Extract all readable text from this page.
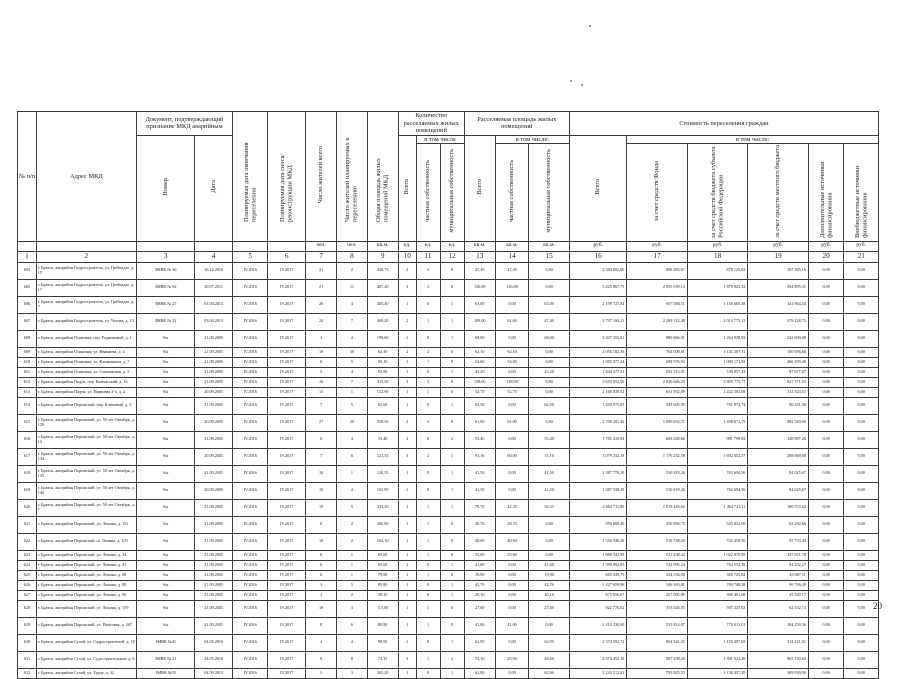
№ п/п	Адрес МКД	Документ, подтверждающий признание МКД аварийным		Планируемая дата окончания переселения	Планируемая дата сноса/реконструкции МКД	Число жителей всего	Число жителей планируемых к переселению	Общая площадь жилых помещений МКД	Количество расселяемых жилых помещений			Расселяемая площадь жилых помещений			Стоимость переселения граждан					
		Номер	Дата						Всего	в том числе		Всего	в том числе:		Всего	в том числе:				
										частная собственность	муниципальная собственность		частная собственность	муниципальная собственность		за счет средств Фонда	за счет средств бюджета субъекта Российской Федерации	за счет средств местного бюджета	Дополнительные источники финансирования	Внебюджетные источники финансирования
						чел.	чел.	кв.м.	ед.	ед.	ед.	кв.м.	кв.м.	кв.м.	руб.	руб.	руб.	руб.	руб.	руб.
1	2	3	4	5	6	7	8	9	10	11	12	13	14	15	16	17	18	19	20	21
604	г. Братск, жилрайон Гидростроитель, ул. Гребнадзе, д. 15	ЗМВК № 46	16.12.2010	IV.2016	IV.2017	21	2	430,73	2	2	0	47,40	47,40	0,00	2 584 802,00	806 283,67	878 125,83	107 385,16	0,00	0,00
605	г. Братск, жилрайон Гидростроитель, ул. Гребнадзе, д. 17	ЗМВК № 02	20.07.2011	IV.2016	IV.2017	21	11	407,20	3	3	0	136,00	136,00	0,00	5 225 867,75	2 955 039,13	1 879 923,32	394 895,31	0,00	0,00
606	г. Братск, жилрайон Гидростроитель, ул. Гребнадзе, д. 7	ЗМВК № 27	01.04.2013	IV.2016	IV.2017	26	4	485,40	1	0	1	63,00	0,00	63,00	2 109 727,04	607 086,11	1 156 665,38	141 964,34	0,00	0,00
607	г. Братск, жилрайон Гидростроитель, ул. Чехова, д. 13	ЗМВК № 32	03.04.2013	IV.2016	IV.2017	24	7	469,20	2	1	1	109,00	61,60	47,40	3 797 169,23	2 299 312,40	2 014 775,12	379 228,71	0,00	0,00
608	г. Братск, жилрайон Осиновка, пер. Родниковый, д. 1	б/н	21.09.2005	IV.2016	IV.2017	3	4	196,60	1	0	1	68,00	0,00	68,00	2 407 353,81	880 866,91	1 264 938,93	542 090,09	0,00	0,00
609	г. Братск, жилрайон Осиновка, ул. Иванкова, д. 4	б/н	21.09.2005	IV.2016	IV.2017	18	30	62,10	2	2	0	62,10	62,10	0,00	2 056 182,36	764 008,61	1 141 207,11	150 696,66	0,00	0,00
610	г. Братск, жилрайон Осиновка, ул. Клименкова, д. 7	б/н	21.09.2005	IV.2016	IV.2017	6	5	95,10	1	1	0	54,60	54,60	0,00	1 955 977,24	699 576,92	1 009 171,93	266 109,40	0,00	0,00
611	г. Братск, жилрайон Осиновка, ул. Смоленская, д. 5	б/н	21.09.2005	IV.2016	IV.2017	5	4	95,90	1	0	1	43,20	0,00	43,20	1 444 377,31	552 913,51	749 957,43	97 677,07	0,00	0,00
612	г. Братск, жилрайон Падун, пер. Камчатский, д. 16	б/н	21.09.2005	IV.2016	IV.2017	16	7	415,50	3	3	0	138,00	138,00	0,00	5 653 952,56	2 020 646,23	2 805 775,77	927 371,53	0,00	0,00
613	г. Братск, жилрайон Падун, ул. Парковая 2-я, д. 2	б/н	20.09.2005	IV.2016	IV.2017	13	1	152,90	1	1	0	52,70	52,70	0,00	2 166 839,02	631 952,09	1 222 363,08	312 524,51	0,00	0,00
614	г. Братск, жилрайон Порожский, пер. Кленовый, д. 3	б/н	21.09.2005	IV.2016	IV.2017	7	5	62,60	1	0	1	62,50	0,00	62,50	1 430 975,05	543 605,95	781 072,74	96 251,36	0,00	0,00
615	г. Братск, жилрайон Порожский, ул. 50 лет Октября, д. 129	б/н	20.09.2005	IV.2016	IV.2017	27	20	558,50	2	2	0	61,00	61,00	0,00	2 708 201,46	1 090 654,71	1 408 672,75	982 520,00	0,00	0,00
616	г. Братск, жилрайон Порожский, ул. 50 лет Октября, д. 13	б/н	21.09.2005	IV.2016	IV.2017	6	4	53,40	2	0	2	53,40	0,00	53,40	1 785 410,84	683 028,66	981 799,92	120 987,26	0,00	0,00
617	г. Братск, жилрайон Порожский, ул. 50 лет Октября, д. 134	б/н	20.09.2005	IV.2016	IV.2017	7	6	121,35	3	2	1	91,16	60,00	31,16	3 079 232,18	1 176 232,58	1 692 652,57	208 669,08	0,00	0,00
618	г. Братск, жилрайон Порожский, ул. 50 лет Октября, д. 135	б/н	21.09.2005	IV.2016	IV.2017	10	1	120,35	1	0	1	41,50	0,00	41,50	1 387 778,39	530 818,26	763 694,56	94 025,67	0,00	0,00
619	г. Братск, жилрайон Порожский, ул. 50 лет Октября, д. 140	б/н	20.09.2005	IV.2016	IV.2017	10	4	165,99	1	0	1	41,50	0,00	41,50	1 387 538,39	530 818,26	762 694,56	94 025,67	0,00	0,00
620	г. Братск, жилрайон Порожский, ул. 50 лет Октября, д. 7	б/н	21.09.2005	IV.2016	IV.2017	19	5	333,20	2	1	1	78,70	42,35	36,35	2 664 711,80	1 019 426,63	1 464 741,11	180 574,62	0,00	0,00
621	г. Братск, жилрайон Порожский, ул. Ленина, д. 101	б/н	21.09.2005	IV.2016	IV.2017	6	2	200,00	1	1	0	28,70	28,70	0,00	959 680,40	356 856,75	545 832,00	63 292,66	0,00	0,00
622	г. Братск, жилрайон Порожский, ul. Ленина, д. 103	б/н	21.09.2005	IV.2016	IV.2017	16	2	164,10	1	1	0	40,60	40,60	0,00	1 356 946,26	518 748,26	742 458,56	95 733,43	0,00	0,00
623	г. Братск, жилрайон Порожский, ул. Ленина, д. 34	б/н	21.09.2005	IV.2016	IV.2017	6	1	85,60	1	1	0	55,60	55,60	0,00	1 888 543,99	721 238,42	1 022 870,95	125 931,78	0,00	0,00
624	г. Братск, жилрайон Порожский, ул. Ленина, д. 41	б/н	21.09.2005	IV.2016	IV.2017	6	1	85,60	1	0	1	41,60	0,00	41,60	1 390 992,85	532 095,24	764 552,38	94 252,27	0,00	0,00
625	г. Братск, жилрайон Порожский, ул. Ленина, д. 68	б/н	21.09.2005	IV.2016	IV.2017	6	1	79,80	1	1	0	19,90	0,00	19,90	665 549,79	254 536,90	365 725,82	45 087,11	0,00	0,00
626	г. Братск, жилрайон Порожский, ул. Ленина, д. 89	б/н	21.09.2005	IV.2016	IV.2017	3	5	85,80	1	0	1	42,70	0,00	42,70	1 427 659,96	546 163,81	784 748,28	96 746,49	0,00	0,00
627	г. Братск, жилрайон Порожский, ул. Ленина, д. 90	б/н	21.09.2005	IV.2016	IV.2017	2	2	20,10	1	0	1	20,10	0,00	20,10	672 056,67	257 095,89	369 401,68	45 539,17	0,00	0,00
628	г. Братск, жилрайон Порожский, ул. Ленина, д. 159	б/н	21.09.2005	IV.2016	IV.2017	18	3	113,00	1	1	0	27,60	0,00	27,60	922 776,62	353 026,05	507 237,83	62 532,74	0,00	0,00
629	г. Братск, жилрайон Порожский, ул. Пихтовая, д. 267	б/н	21.09.2005	IV.2016	IV.2017	8	6	80,90	1	1	0	41,00	41,00	0,00	1 410 230,00	535 814,07	770 013,01	104 259,36	0,00	0,00
630	г. Братск, жилрайон Сухой, ул. Гидростроителей, д. 18	ЗМВК №41	04.05.2010	IV.2016	IV.2017	4	4	98,95	1	0	1	62,95	0,00	62,95	2 374 593,72	864 541,25	1 155 497,65	313 121,51	0,00	0,00
631	г. Братск, жилрайон Сухой, ул. Судостроительная, д. 6	ЗМВК № 21	24.05.2010	IV.2016	IV.2017	8	8	74,15	3	1	2	74,10	25,94	48,60	2 574 452,16	907 298,20	1 301 922,29	865 150,63	0,00	0,00
632	г. Братск, жилрайон Сухой, ул. Труда, д. 32	ЗМВК №35	04.09.2013	IV.2016	IV.2017	5	3	305,20	1	0	1	62,00	0,00	62,00	3 243 512,63	793 825,53	1 150 457,29	309 030,90	0,00	0,00
20
